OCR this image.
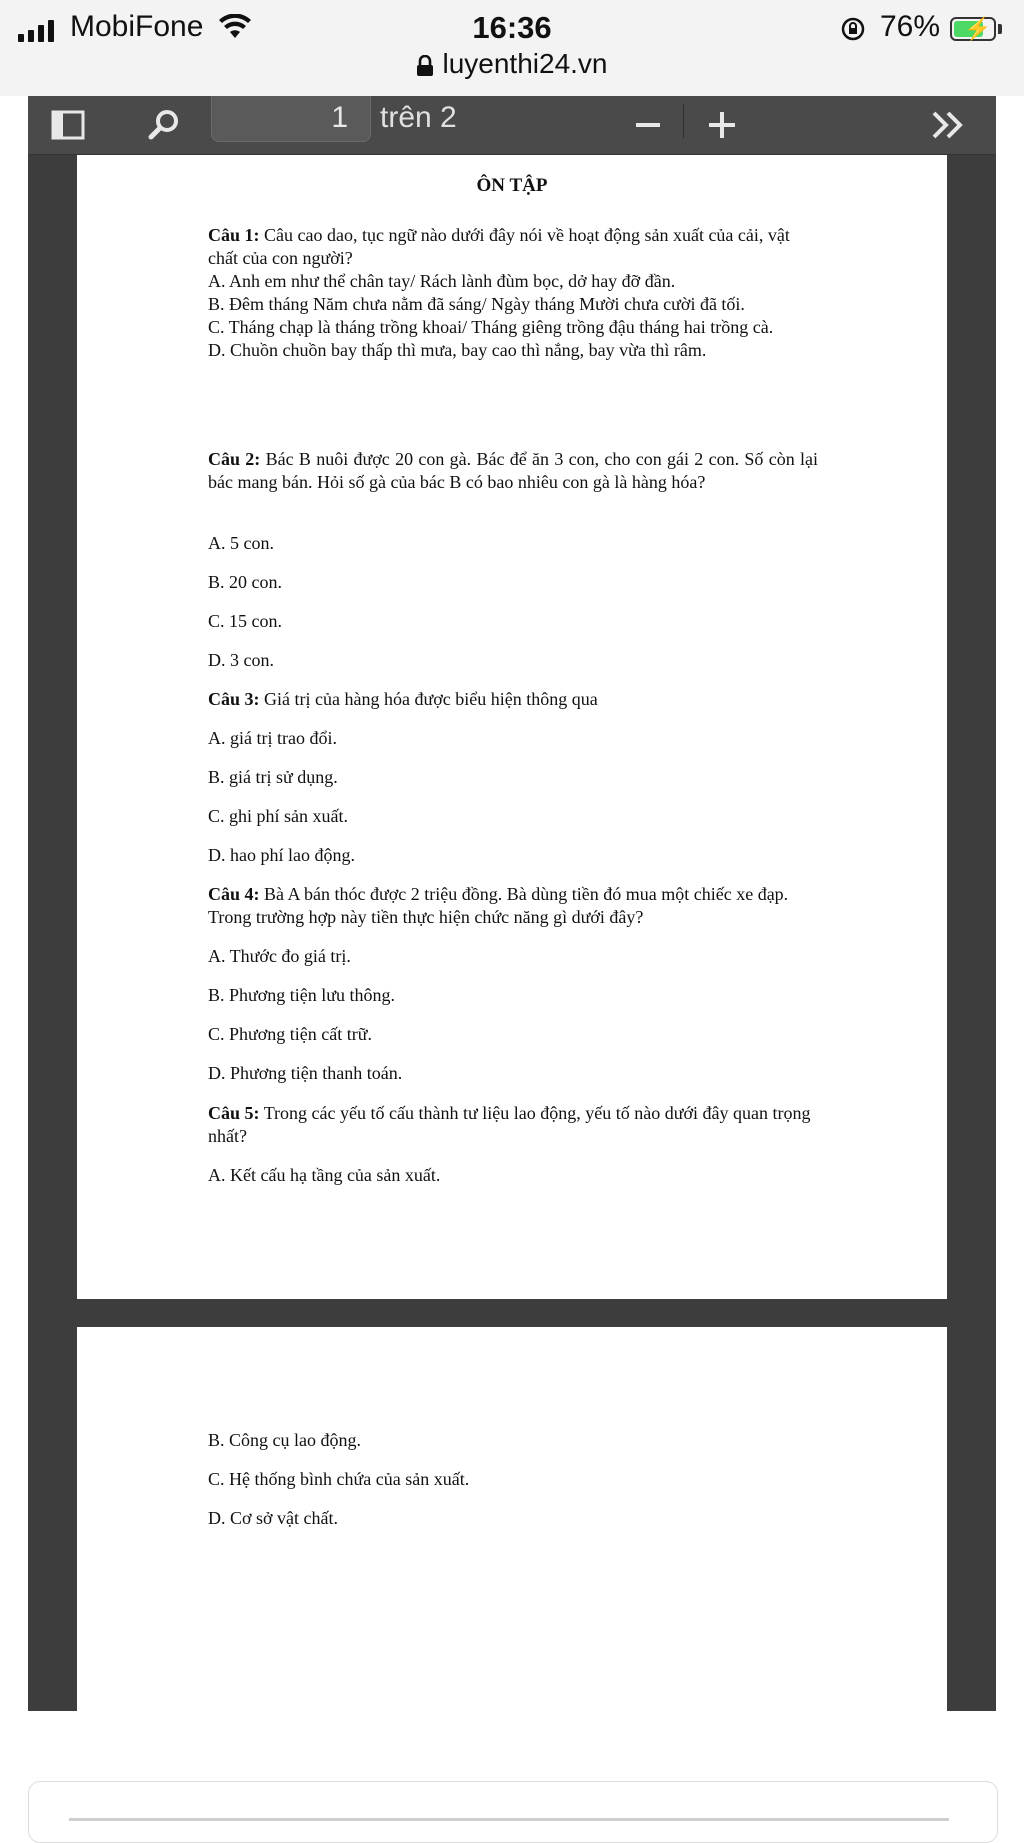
MobiFone	16:36	76% ⚡
luyenthi24.vn
1	trên 2
ÔN TẬP

Câu 1: Câu cao dao, tục ngữ nào dưới đây nói về hoạt động sản xuất của cải, vật chất của con người?

A. Anh em như thể chân tay/ Rách lành đùm bọc, dở hay đỡ đần.

B. Đêm tháng Năm chưa nằm đã sáng/ Ngày tháng Mười chưa cười đã tối.

C. Tháng chạp là tháng trồng khoai/ Tháng giêng trồng đậu tháng hai trồng cà.

D. Chuồn chuồn bay thấp thì mưa, bay cao thì nắng, bay vừa thì râm.

Câu 2: Bác B nuôi được 20 con gà. Bác để ăn 3 con, cho con gái 2 con. Số còn lại bác mang bán. Hỏi số gà của bác B có bao nhiêu con gà là hàng hóa?

A. 5 con.

B. 20 con.

C. 15 con.

D. 3 con.

Câu 3: Giá trị của hàng hóa được biểu hiện thông qua

A. giá trị trao đổi.

B. giá trị sử dụng.

C. ghi phí sản xuất.

D. hao phí lao động.

Câu 4: Bà A bán thóc được 2 triệu đồng. Bà dùng tiền đó mua một chiếc xe đạp. Trong trường hợp này tiền thực hiện chức năng gì dưới đây?

A. Thước đo giá trị.

B. Phương tiện lưu thông.

C. Phương tiện cất trữ.

D. Phương tiện thanh toán.

Câu 5: Trong các yếu tố cấu thành tư liệu lao động, yếu tố nào dưới đây quan trọng nhất?

A. Kết cấu hạ tầng của sản xuất.

B. Công cụ lao động.

C. Hệ thống bình chứa của sản xuất.

D. Cơ sở vật chất.
